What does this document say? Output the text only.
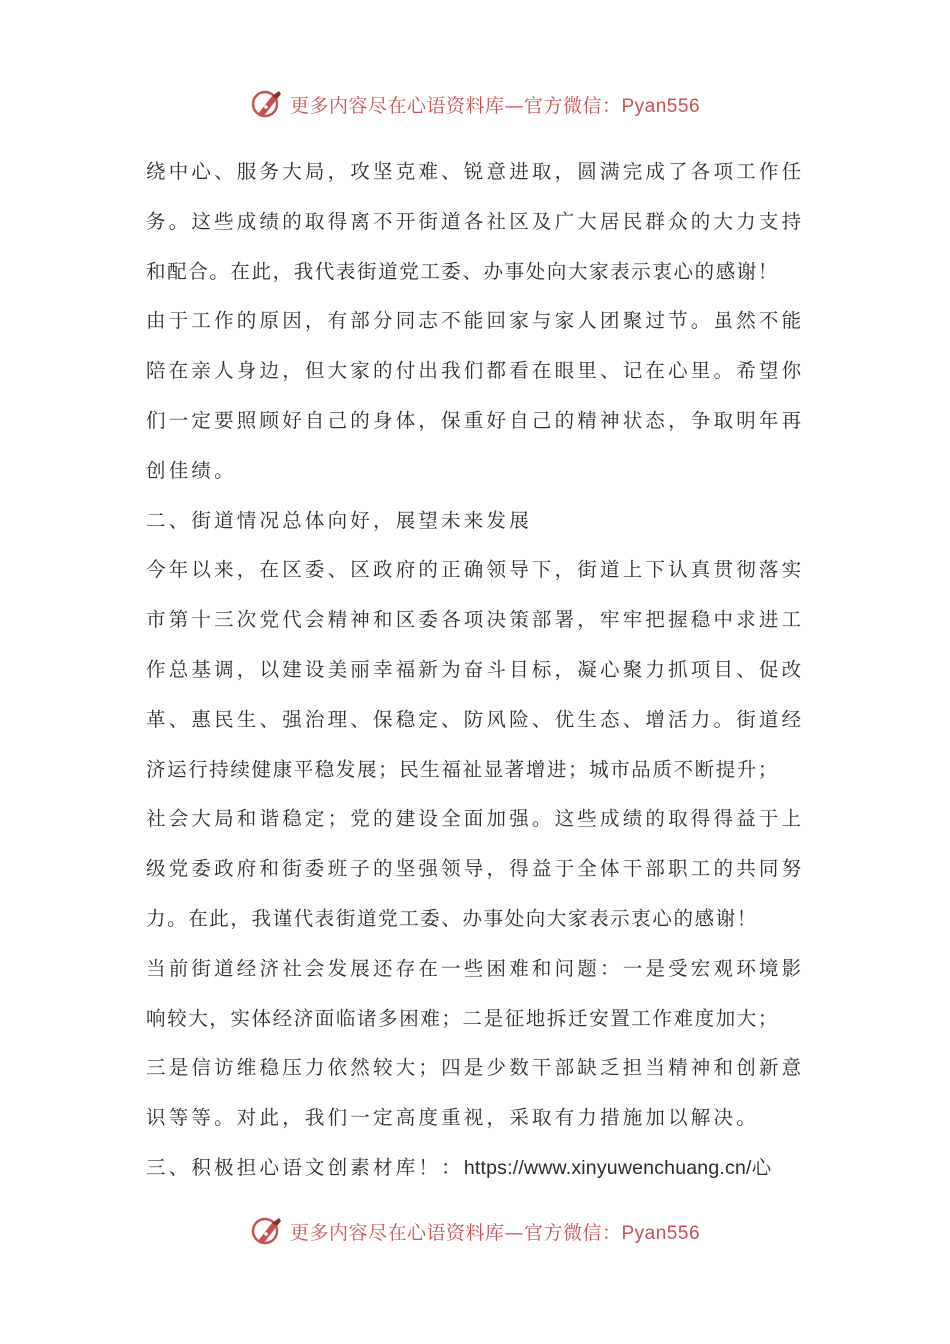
更多内容尽在心语资料库—官方微信：Pyan556
绕中心、服务大局，攻坚克难、锐意进取，圆满完成了各项工作任
务。这些成绩的取得离不开街道各社区及广大居民群众的大力支持
和配合。在此，我代表街道党工委、办事处向大家表示衷心的感谢！
由于工作的原因，有部分同志不能回家与家人团聚过节。虽然不能
陪在亲人身边，但大家的付出我们都看在眼里、记在心里。希望你
们一定要照顾好自己的身体，保重好自己的精神状态，争取明年再
创佳绩。
二、街道情况总体向好，展望未来发展
今年以来，在区委、区政府的正确领导下，街道上下认真贯彻落实
市第十三次党代会精神和区委各项决策部署，牢牢把握稳中求进工
作总基调，以建设美丽幸福新为奋斗目标，凝心聚力抓项目、促改
革、惠民生、强治理、保稳定、防风险、优生态、增活力。街道经
济运行持续健康平稳发展；民生福祉显著增进；城市品质不断提升；
社会大局和谐稳定；党的建设全面加强。这些成绩的取得得益于上
级党委政府和街委班子的坚强领导，得益于全体干部职工的共同努
力。在此，我谨代表街道党工委、办事处向大家表示衷心的感谢！
当前街道经济社会发展还存在一些困难和问题：一是受宏观环境影
响较大，实体经济面临诸多困难；二是征地拆迁安置工作难度加大；
三是信访维稳压力依然较大；四是少数干部缺乏担当精神和创新意
识等等。对此，我们一定高度重视，采取有力措施加以解决。
三、积极担心语文创素材库！：https://www.xinyuwenchuang.cn/心
更多内容尽在心语资料库—官方微信：Pyan556
